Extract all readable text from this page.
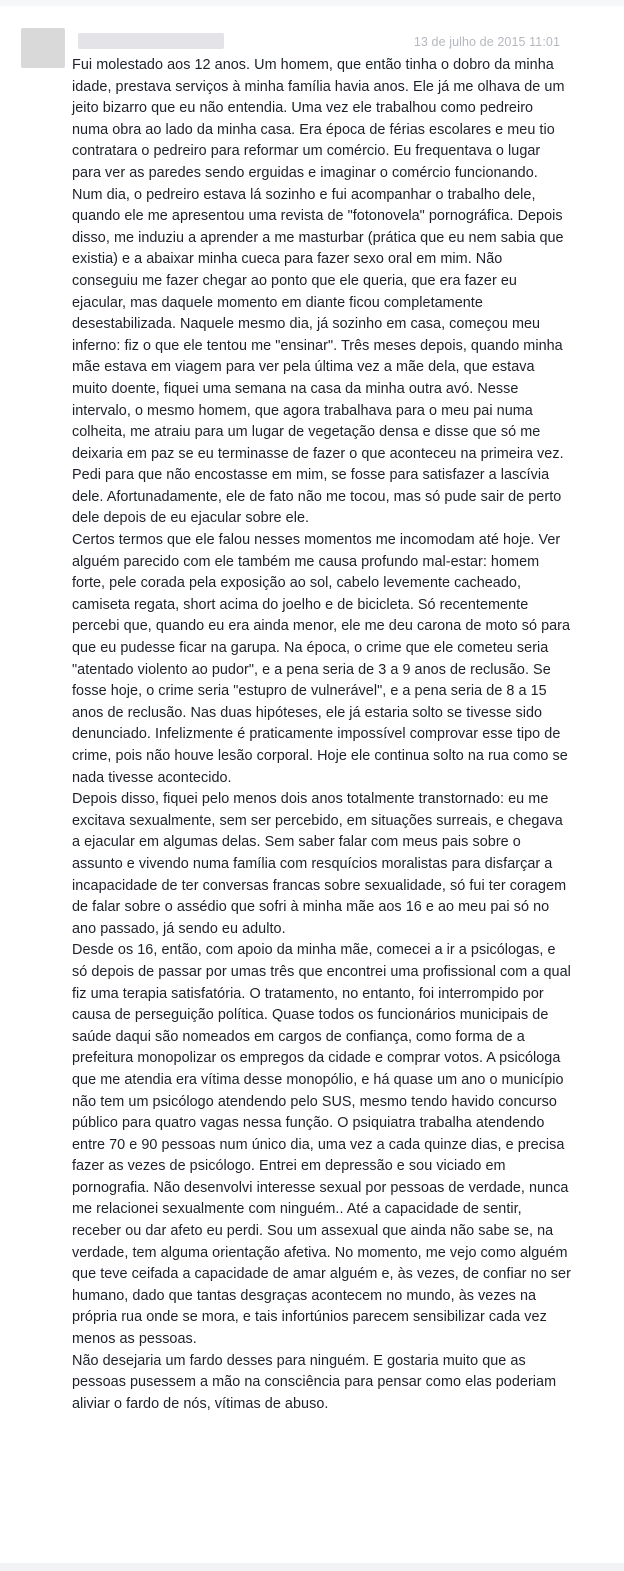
13 de julho de 2015 11:01

Fui molestado aos 12 anos. Um homem, que então tinha o dobro da minha idade, prestava serviços à minha família havia anos. Ele já me olhava de um jeito bizarro que eu não entendia. Uma vez ele trabalhou como pedreiro numa obra ao lado da minha casa. Era época de férias escolares e meu tio contratara o pedreiro para reformar um comércio. Eu frequentava o lugar para ver as paredes sendo erguidas e imaginar o comércio funcionando.

Num dia, o pedreiro estava lá sozinho e fui acompanhar o trabalho dele, quando ele me apresentou uma revista de "fotonovela" pornográfica. Depois disso, me induziu a aprender a me masturbar (prática que eu nem sabia que existia) e a abaixar minha cueca para fazer sexo oral em mim. Não conseguiu me fazer chegar ao ponto que ele queria, que era fazer eu ejacular, mas daquele momento em diante ficou completamente desestabilizada. Naquele mesmo dia, já sozinho em casa, começou meu inferno: fiz o que ele tentou me "ensinar". Três meses depois, quando minha mãe estava em viagem para ver pela última vez a mãe dela, que estava muito doente, fiquei uma semana na casa da minha outra avó. Nesse intervalo, o mesmo homem, que agora trabalhava para o meu pai numa colheita, me atraiu para um lugar de vegetação densa e disse que só me deixaria em paz se eu terminasse de fazer o que aconteceu na primeira vez. Pedi para que não encostasse em mim, se fosse para satisfazer a lascívia dele. Afortunadamente, ele de fato não me tocou, mas só pude sair de perto dele depois de eu ejacular sobre ele.

Certos termos que ele falou nesses momentos me incomodam até hoje. Ver alguém parecido com ele também me causa profundo mal-estar: homem forte, pele corada pela exposição ao sol, cabelo levemente cacheado, camiseta regata, short acima do joelho e de bicicleta. Só recentemente percebi que, quando eu era ainda menor, ele me deu carona de moto só para que eu pudesse ficar na garupa. Na época, o crime que ele cometeu seria "atentado violento ao pudor", e a pena seria de 3 a 9 anos de reclusão. Se fosse hoje, o crime seria "estupro de vulnerável", e a pena seria de 8 a 15 anos de reclusão. Nas duas hipóteses, ele já estaria solto se tivesse sido denunciado. Infelizmente é praticamente impossível comprovar esse tipo de crime, pois não houve lesão corporal. Hoje ele continua solto na rua como se nada tivesse acontecido.

Depois disso, fiquei pelo menos dois anos totalmente transtornado: eu me excitava sexualmente, sem ser percebido, em situações surreais, e chegava a ejacular em algumas delas. Sem saber falar com meus pais sobre o assunto e vivendo numa família com resquícios moralistas para disfarçar a incapacidade de ter conversas francas sobre sexualidade, só fui ter coragem de falar sobre o assédio que sofri à minha mãe aos 16 e ao meu pai só no ano passado, já sendo eu adulto.

Desde os 16, então, com apoio da minha mãe, comecei a ir a psicólogas, e só depois de passar por umas três que encontrei uma profissional com a qual fiz uma terapia satisfatória. O tratamento, no entanto, foi interrompido por causa de perseguição política. Quase todos os funcionários municipais de saúde daqui são nomeados em cargos de confiança, como forma de a prefeitura monopolizar os empregos da cidade e comprar votos. A psicóloga que me atendia era vítima desse monopólio, e há quase um ano o município não tem um psicólogo atendendo pelo SUS, mesmo tendo havido concurso público para quatro vagas nessa função. O psiquiatra trabalha atendendo entre 70 e 90 pessoas num único dia, uma vez a cada quinze dias, e precisa fazer as vezes de psicólogo. Entrei em depressão e sou viciado em pornografia. Não desenvolvi interesse sexual por pessoas de verdade, nunca me relacionei sexualmente com ninguém.. Até a capacidade de sentir, receber ou dar afeto eu perdi. Sou um assexual que ainda não sabe se, na verdade, tem alguma orientação afetiva. No momento, me vejo como alguém que teve ceifada a capacidade de amar alguém e, às vezes, de confiar no ser humano, dado que tantas desgraças acontecem no mundo, às vezes na própria rua onde se mora, e tais infortúnios parecem sensibilizar cada vez menos as pessoas.

Não desejaria um fardo desses para ninguém. E gostaria muito que as pessoas pusessem a mão na consciência para pensar como elas poderiam aliviar o fardo de nós, vítimas de abuso.
